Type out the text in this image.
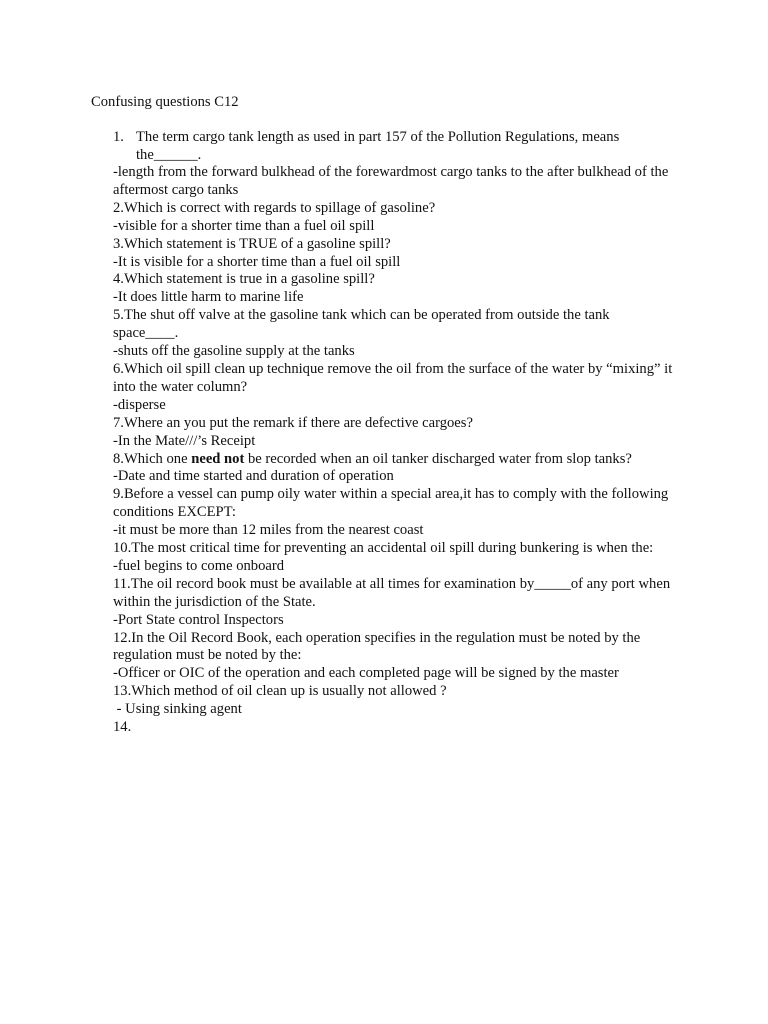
Confusing questions C12
1. The term cargo tank length as used in part 157 of the Pollution Regulations, means the______.
-length from the forward bulkhead of the forewardmost cargo tanks to the after bulkhead of the aftermost cargo tanks
2.Which is correct with regards to spillage of gasoline?
-visible for a shorter time than a fuel oil spill
3.Which statement is TRUE of a gasoline spill?
-It is visible for a shorter time than a fuel oil spill
4.Which statement is true in a gasoline spill?
-It does little harm to marine life
5.The shut off valve at the gasoline tank which can be operated from outside the tank space____.
-shuts off the gasoline supply at the tanks
6.Which oil spill clean up technique remove the oil from the surface of the water by “mixing” it into the water column?
-disperse
7.Where an you put the remark if there are defective cargoes?
-In the Mate///’s Receipt
8.Which one need not be recorded when an oil tanker discharged water from slop tanks?
-Date and time started and duration of operation
9.Before a vessel can pump oily water within a special area,it has to comply with the following conditions EXCEPT:
-it must be more than 12 miles from the nearest coast
10.The most critical time for preventing an accidental oil spill during bunkering is when the:
-fuel begins to come onboard
11.The oil record book must be available at all times for examination by_____of any port when within the jurisdiction of the State.
-Port State control Inspectors
12.In the Oil Record Book, each operation specifies in the regulation must be noted by the regulation must be noted by the:
-Officer or OIC of the operation and each completed page will be signed by the master
13.Which method of oil clean up is usually not allowed ?
- Using sinking agent
14.
